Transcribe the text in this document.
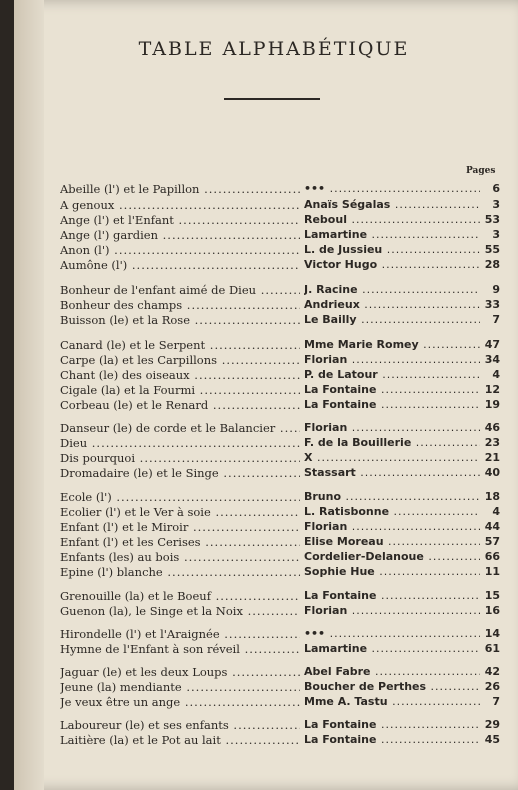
TABLE ALPHABÉTIQUE
Pages
Abeille (l') et le Papillon .....	••• .....	6
A genoux .....	Anaïs Ségalas .....	3
Ange (l') et l'Enfant .....	Reboul .....	53
Ange (l') gardien .....	Lamartine .....	3
Anon (l') .....	L. de Jussieu .....	55
Aumône (l') .....	Victor Hugo .....	28
Bonheur de l'enfant aimé de Dieu .....	J. Racine .....	9
Bonheur des champs .....	Andrieux .....	33
Buisson (le) et la Rose .....	Le Bailly .....	7
Canard (le) et le Serpent .....	Mme Marie Romey .....	47
Carpe (la) et les Carpillons .....	Florian .....	34
Chant (le) des oiseaux .....	P. de Latour .....	4
Cigale (la) et la Fourmi .....	La Fontaine .....	12
Corbeau (le) et le Renard .....	La Fontaine .....	19
Danseur (le) de corde et le Balancier .....	Florian .....	46
Dieu .....	F. de la Bouillerie .....	23
Dis pourquoi .....	X .....	21
Dromadaire (le) et le Singe .....	Stassart .....	40
Ecole (l') .....	Bruno .....	18
Ecolier (l') et le Ver à soie .....	L. Ratisbonne .....	4
Enfant (l') et le Miroir .....	Florian .....	44
Enfant (l') et les Cerises .....	Elise Moreau .....	57
Enfants (les) au bois .....	Cordelier-Delanoue .....	66
Epine (l') blanche .....	Sophie Hue .....	11
Grenouille (la) et le Boeuf .....	La Fontaine .....	15
Guenon (la), le Singe et la Noix .....	Florian .....	16
Hirondelle (l') et l'Araignée .....	••• .....	14
Hymne de l'Enfant à son réveil .....	Lamartine .....	61
Jaguar (le) et les deux Loups .....	Abel Fabre .....	42
Jeune (la) mendiante .....	Boucher de Perthes .....	26
Je veux être un ange .....	Mme A. Tastu .....	7
Laboureur (le) et ses enfants .....	La Fontaine .....	29
Laitière (la) et le Pot au lait .....	La Fontaine .....	45
